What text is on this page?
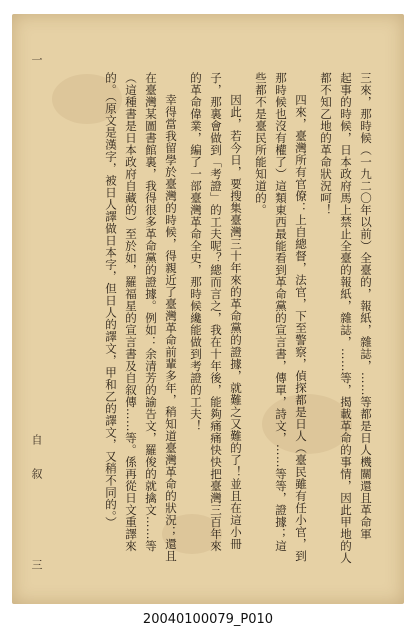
一
自　叙
三
三來，那時候（一九二〇年以前）全臺的，報紙，雜誌，……等都是日人機關還且革命軍
起事的時候，日本政府馬上禁止全臺的報紙，雜誌，……等，揭載革命的事情，因此甲地的人
都不知乙地的革命狀況呵！
四來，臺灣所有官僚：上自總督，法官，下至警察，偵探都是日人（臺民雖有任小官，到
那時候也沒有權了）這類東西最能看到革命黨的宣言書，傳單，詩文，……等等，證據；這
些都不是臺民所能知道的。
因此，若今日，要搜集臺灣三十年來的革命黨的證據，就難之又難的了！並且在這小冊
子，那裏會做到「考證」的工夫呢？總而言之，我在十年後，能夠痛痛快快把臺灣三百年來
的革命偉業，編了一部臺灣革命全史，那時候纔能做到考證的工夫！
幸得當我留學於臺灣的時候，得親近了臺灣革命前輩多年，稍知道臺灣革命的狀況；還且
在臺灣某圖書館裏，我得很多革命黨的證據。例如：余清芳的諭告文，羅俊的就擒文……等
（這種書是日本政府自藏的）至於如，羅福星的宣言書及自叙傳……等。係再從日文重譯來
的。（原文是漢字，被日人譯做日本字，但日人的譯文，甲和乙的譯文，又稍不同的。）
20040100079_P010
